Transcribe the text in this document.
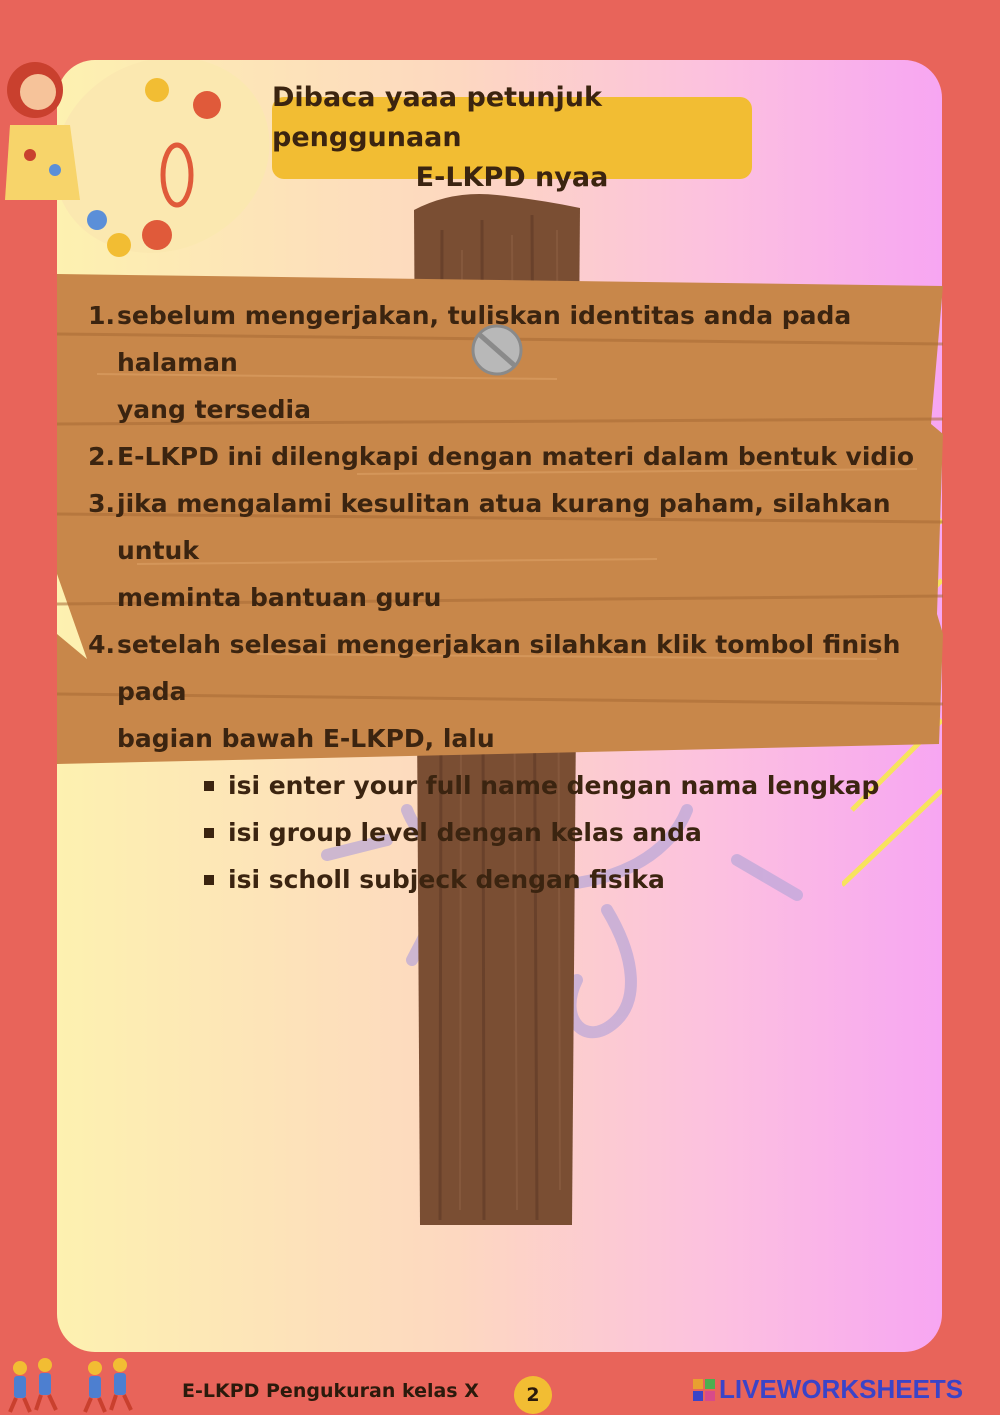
Dibaca yaaa petunjuk penggunaan
E-LKPD nyaa
1. sebelum mengerjakan, tuliskan identitas anda pada halaman
yang tersedia
2. E-LKPD ini dilengkapi dengan materi dalam bentuk vidio
3. jika mengalami kesulitan atua kurang paham, silahkan untuk
meminta bantuan guru
4. setelah selesai mengerjakan silahkan klik tombol finish pada
bagian bawah E-LKPD, lalu
isi enter your full name dengan nama lengkap
isi group level dengan kelas anda
isi scholl subjeck dengan fisika
E-LKPD Pengukuran kelas X	2	LIVEWORKSHEETS
